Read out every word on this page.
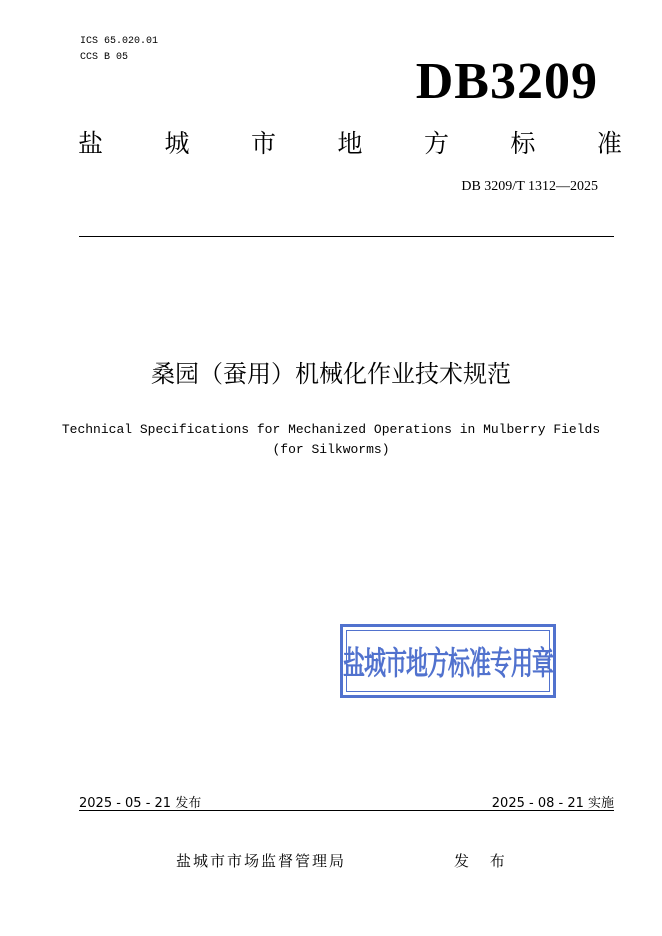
ICS 65.020.01
CCS B 05	DB3209
盐 城 市 地 方 标 准
DB 3209/T 1312—2025
桑园（蚕用）机械化作业技术规范
Technical Specifications for Mechanized Operations in Mulberry Fields
(for Silkworms)
盐城市地方标准专用章
2025 - 05 - 21 发布	2025 - 08 - 21 实施
盐城市市场监督管理局	发 布
